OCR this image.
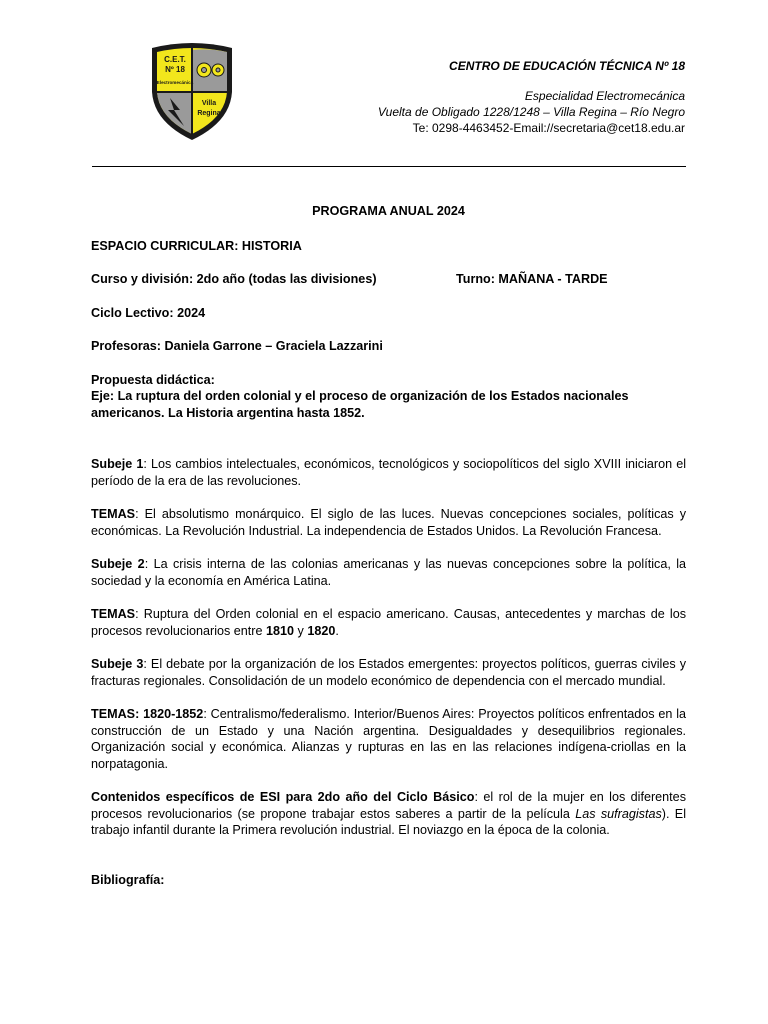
C.E.T.
Nº 18
Electromecánica
Villa
Regina
CENTRO DE EDUCACIÓN TÉCNICA Nº 18
Especialidad Electromecánica
Vuelta de Obligado 1228/1248 – Villa Regina – Río Negro
Te: 0298-4463452-Email://secretaria@cet18.edu.ar
PROGRAMA ANUAL 2024
ESPACIO CURRICULAR: HISTORIA
Curso y división: 2do año (todas las divisiones)	Turno: MAÑANA - TARDE
Ciclo Lectivo: 2024
Profesoras: Daniela Garrone – Graciela Lazzarini
Propuesta didáctica:
Eje: La ruptura del orden colonial y el proceso de organización de los Estados nacionales americanos. La Historia argentina hasta 1852.

Subeje 1: Los cambios intelectuales, económicos, tecnológicos y sociopolíticos del siglo XVIII iniciaron el período de la era de las revoluciones.

TEMAS: El absolutismo monárquico. El siglo de las luces. Nuevas concepciones sociales, políticas y económicas. La Revolución Industrial. La independencia de Estados Unidos. La Revolución Francesa.

Subeje 2: La crisis interna de las colonias americanas y las nuevas concepciones sobre la política, la sociedad y la economía en América Latina.

TEMAS: Ruptura del Orden colonial en el espacio americano. Causas, antecedentes y marchas de los procesos revolucionarios entre 1810 y 1820.

Subeje 3: El debate por la organización de los Estados emergentes: proyectos políticos, guerras civiles y fracturas regionales. Consolidación de un modelo económico de dependencia con el mercado mundial.

TEMAS: 1820-1852: Centralismo/federalismo. Interior/Buenos Aires: Proyectos políticos enfrentados en la construcción de un Estado y una Nación argentina. Desigualdades y desequilibrios regionales. Organización social y económica. Alianzas y rupturas en las en las relaciones indígena-criollas en la norpatagonia.

Contenidos específicos de ESI para 2do año del Ciclo Básico: el rol de la mujer en los diferentes procesos revolucionarios (se propone trabajar estos saberes a partir de la película Las sufragistas). El trabajo infantil durante la Primera revolución industrial. El noviazgo en la época de la colonia.

Bibliografía:
